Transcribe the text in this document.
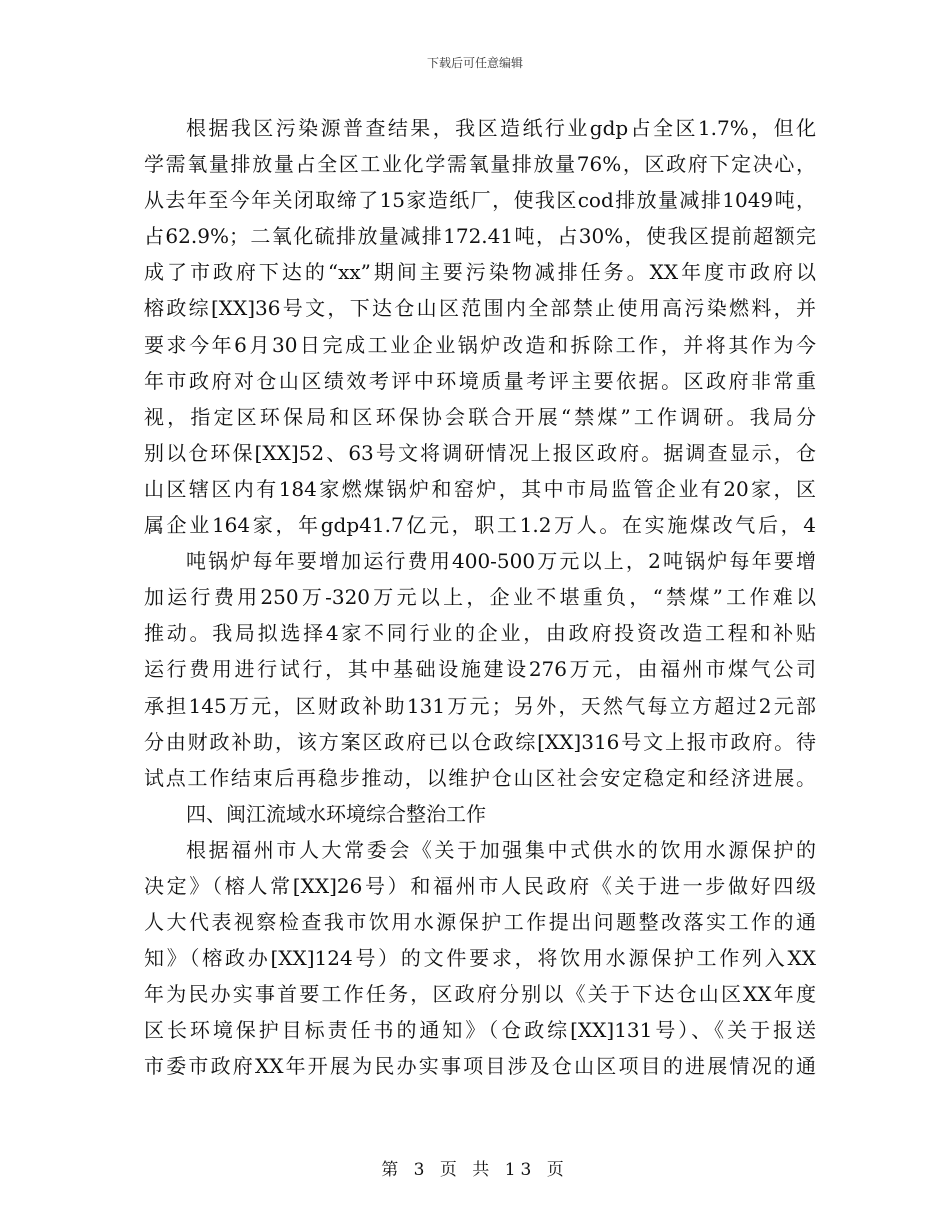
下载后可任意编辑
根据我区污染源普查结果，我区造纸行业gdp占全区1.7%，但化
学需氧量排放量占全区工业化学需氧量排放量76%，区政府下定决心，
从去年至今年关闭取缔了15家造纸厂，使我区cod排放量减排1049吨，
占62.9%；二氧化硫排放量减排172.41吨，占30%，使我区提前超额完
成了市政府下达的“xx”期间主要污染物减排任务。XX年度市政府以
榕政综[XX]36号文，下达仓山区范围内全部禁止使用高污染燃料，并
要求今年6月30日完成工业企业锅炉改造和拆除工作，并将其作为今
年市政府对仓山区绩效考评中环境质量考评主要依据。区政府非常重
视，指定区环保局和区环保协会联合开展“禁煤”工作调研。我局分
别以仓环保[XX]52、63号文将调研情况上报区政府。据调查显示，仓
山区辖区内有184家燃煤锅炉和窑炉，其中市局监管企业有20家，区
属企业164家，年gdp41.7亿元，职工1.2万人。在实施煤改气后，4
吨锅炉每年要增加运行费用400-500万元以上，2吨锅炉每年要增
加运行费用250万-320万元以上，企业不堪重负，“禁煤”工作难以
推动。我局拟选择4家不同行业的企业，由政府投资改造工程和补贴
运行费用进行试行，其中基础设施建设276万元，由福州市煤气公司
承担145万元，区财政补助131万元；另外，天然气每立方超过2元部
分由财政补助，该方案区政府已以仓政综[XX]316号文上报市政府。待
试点工作结束后再稳步推动，以维护仓山区社会安定稳定和经济进展。
四、闽江流域水环境综合整治工作
根据福州市人大常委会《关于加强集中式供水的饮用水源保护的
决定》（榕人常[XX]26号）和福州市人民政府《关于进一步做好四级
人大代表视察检查我市饮用水源保护工作提出问题整改落实工作的通
知》（榕政办[XX]124号）的文件要求，将饮用水源保护工作列入XX
年为民办实事首要工作任务，区政府分别以《关于下达仓山区XX年度
区长环境保护目标责任书的通知》（仓政综[XX]131号）、《关于报送
市委市政府XX年开展为民办实事项目涉及仓山区项目的进展情况的通
第 3 页 共 13 页
